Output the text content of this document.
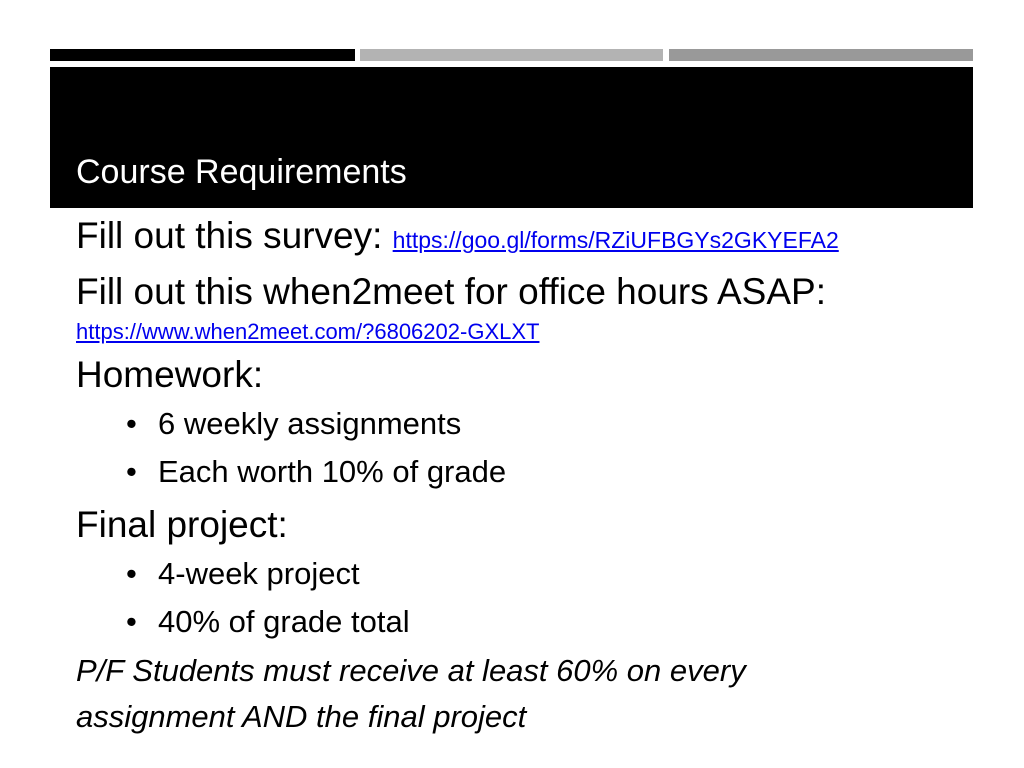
Course Requirements
Fill out this survey: https://goo.gl/forms/RZiUFBGYs2GKYEFA2
Fill out this when2meet for office hours ASAP:
https://www.when2meet.com/?6806202-GXLXT
Homework:
• 6 weekly assignments
• Each worth 10% of grade
Final project:
• 4-week project
• 40% of grade total
P/F Students must receive at least 60% on every
assignment AND the final project
